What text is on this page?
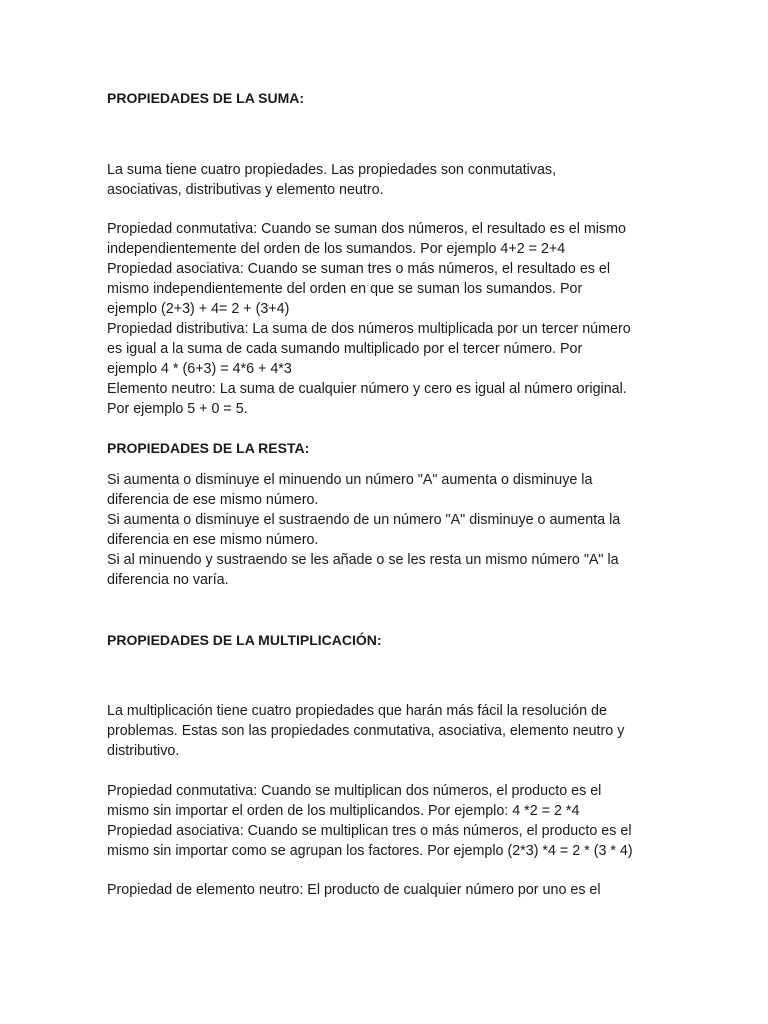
PROPIEDADES DE LA SUMA:

La suma tiene cuatro propiedades. Las propiedades son conmutativas,
asociativas, distributivas y elemento neutro.

Propiedad conmutativa: Cuando se suman dos números, el resultado es el mismo
independientemente del orden de los sumandos. Por ejemplo 4+2 = 2+4
Propiedad asociativa: Cuando se suman tres o más números, el resultado es el
mismo independientemente del orden en que se suman los sumandos. Por
ejemplo (2+3) + 4= 2 + (3+4)
Propiedad distributiva: La suma de dos números multiplicada por un tercer número
es igual a la suma de cada sumando multiplicado por el tercer número. Por
ejemplo 4 * (6+3) = 4*6 + 4*3
Elemento neutro: La suma de cualquier número y cero es igual al número original.
Por ejemplo 5 + 0 = 5.

PROPIEDADES DE LA RESTA:

Si aumenta o disminuye el minuendo un número "A" aumenta o disminuye la
diferencia de ese mismo número.
Si aumenta o disminuye el sustraendo de un número "A" disminuye o aumenta la
diferencia en ese mismo número.
Si al minuendo y sustraendo se les añade o se les resta un mismo número "A" la
diferencia no varía.

PROPIEDADES DE LA MULTIPLICACIÓN:

La multiplicación tiene cuatro propiedades que harán más fácil la resolución de
problemas. Estas son las propiedades conmutativa, asociativa, elemento neutro y
distributivo.

Propiedad conmutativa: Cuando se multiplican dos números, el producto es el
mismo sin importar el orden de los multiplicandos. Por ejemplo: 4 *2 = 2 *4
Propiedad asociativa: Cuando se multiplican tres o más números, el producto es el
mismo sin importar como se agrupan los factores. Por ejemplo (2*3) *4 = 2 * (3 * 4)

Propiedad de elemento neutro: El producto de cualquier número por uno es el
